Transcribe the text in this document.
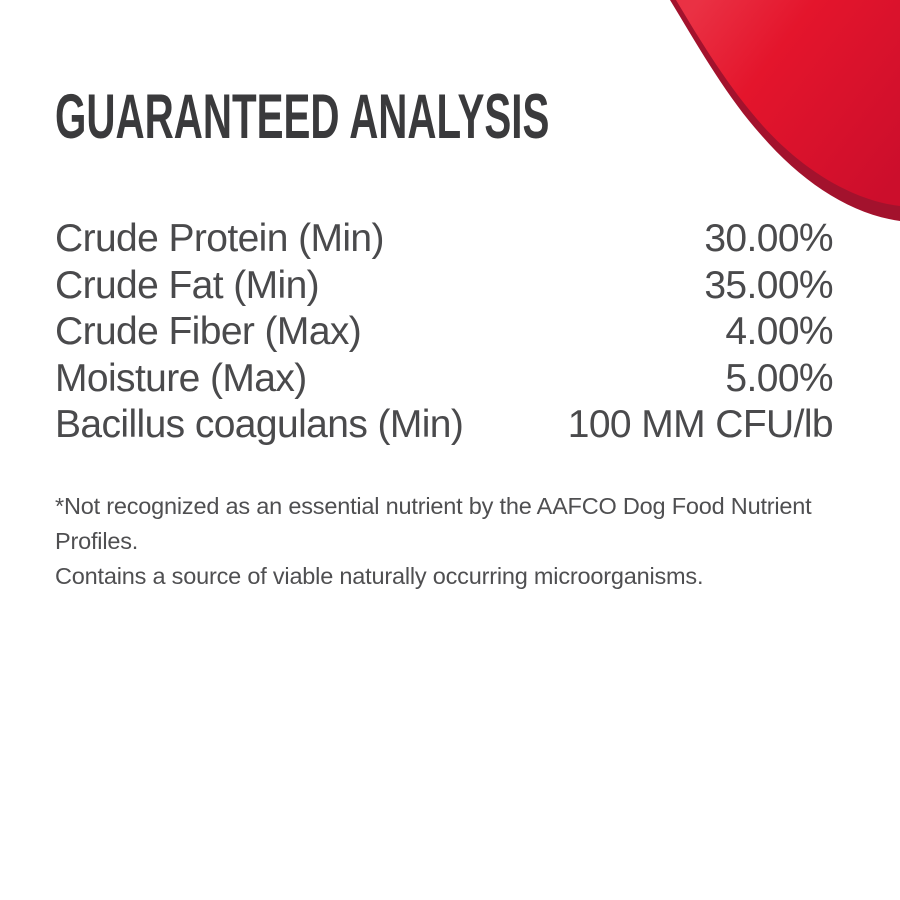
GUARANTEED ANALYSIS
Crude Protein (Min)	30.00%
Crude Fat (Min)	35.00%
Crude Fiber (Max)	4.00%
Moisture (Max)	5.00%
Bacillus coagulans (Min)	100 MM CFU/lb
*Not recognized as an essential nutrient by the AAFCO Dog Food Nutrient Profiles.
Contains a source of viable naturally occurring microorganisms.
